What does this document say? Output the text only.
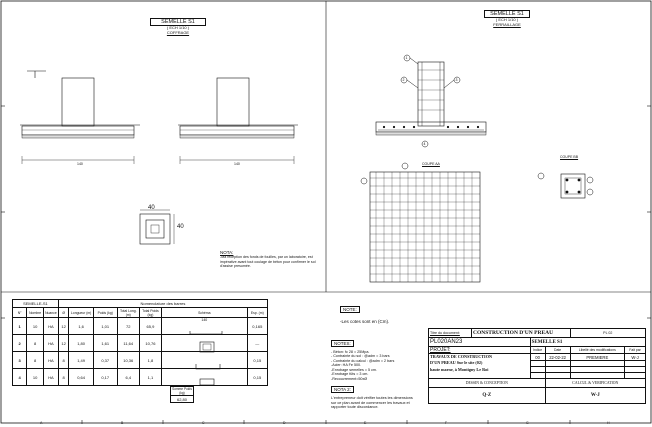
SEMELLE S1
( ECH 1/10 )
COFFRAGE
SEMELLE S1
( ECH 1/10 )
FERRAILLAGE
140	140
40
40
COUPE AA
COUPE BB
1
2	3
4
NOTA:
-Ma réception des fonds de fouilles, par un laboratoire, est impérative avant tout coulage de béton pour confirmer le sol d'assise presumée.
NOTE:
-Les cotes sont en (Cm).
NOTES:
- Béton: fc 28 = 25Mpa.
- Contrainte du sol : @adm = 3 bars
- Contrainte du calcul : @adm = 2 bars
-Acier: HA Fe 500.
-Enrobage semelles = 5 cm.
-Enrobage fûts = 3 cm.
-Recouvrement=50xØ
NOTA 2:
L'entrepreneur doit vérifier toutes les dimensions sur ce plan avant de commencer les travaux et rapporter toute discordance.
SEMELLE-S1			Nomenclature des barres						
N°	Nombre	Nuance	Ø	Longueur (m)	Poids (kg)	Total Long. (m)	Total Poids (kg)	Schéma	Esp. (m)
1	10	HA	12	1,6	1,01	72	65,9	140	0,165
2	8	HA	12	1,80	1,61	11,64	10,76		—
3	8	HA	8	1,49	0,37	10,36	1,8		0,15
4	10	HA	8	0,64	0,17	6,4	1,1		0,15
Somme Poids (kg)
62,80
Titre du document:	CONSTRUCTION D'UN PREAU			PL 02	
PL020AN23		SEMELLE S1			
PROJET:		Indice	Date	Libellé des modifications	Fait par

TRAVAUX DE CONSTRUCTION
D'UN PREAU Sur le site (02)
haute marne, à Montigny Le Roi		00	22-02-22	PREMIERE	W-J

DESSIN & CONCEPTION			CALCUL & VERIFICATION		
Q-Z			W-J		
A	B	C	D	E	F	G	H
